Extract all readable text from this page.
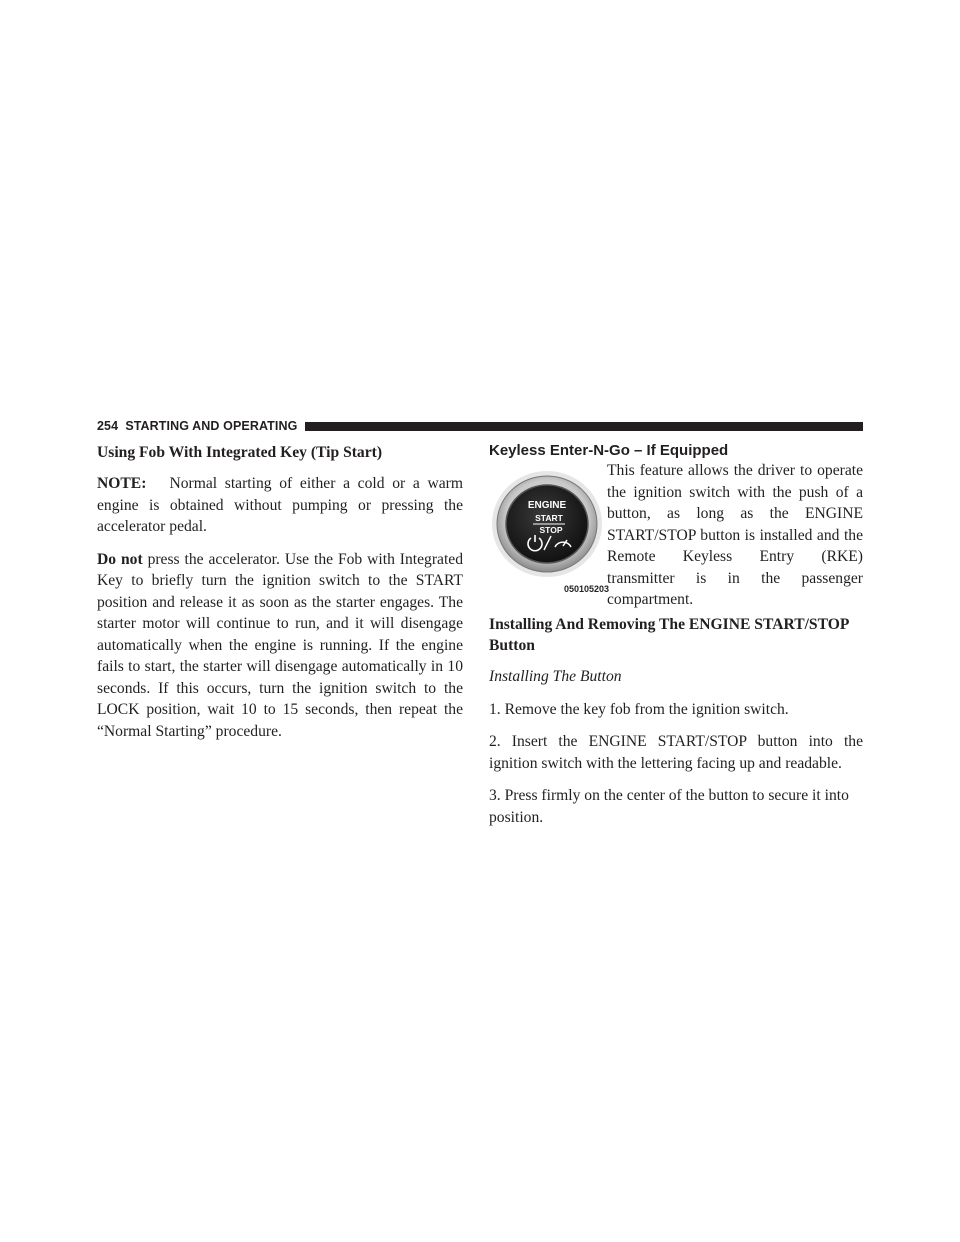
254 STARTING AND OPERATING
Using Fob With Integrated Key (Tip Start)

NOTE: Normal starting of either a cold or a warm engine is obtained without pumping or pressing the accelerator pedal.

Do not press the accelerator. Use the Fob with Integrated Key to briefly turn the ignition switch to the START position and release it as soon as the starter engages. The starter motor will continue to run, and it will disengage automatically when the engine is running. If the engine fails to start, the starter will disengage automatically in 10 seconds. If this occurs, turn the ignition switch to the LOCK position, wait 10 to 15 seconds, then repeat the “Normal Starting” procedure.

Keyless Enter-N-Go – If Equipped
ENGINE
START
STOP
050105203

This feature allows the driver to operate the ignition switch with the push of a button, as long as the ENGINE START/STOP button is installed and the Remote Keyless Entry (RKE) transmitter is in the passenger compartment.

Installing And Removing The ENGINE START/STOP Button

Installing The Button

1. Remove the key fob from the ignition switch.

2. Insert the ENGINE START/STOP button into the ignition switch with the lettering facing up and readable.

3. Press firmly on the center of the button to secure it into position.
